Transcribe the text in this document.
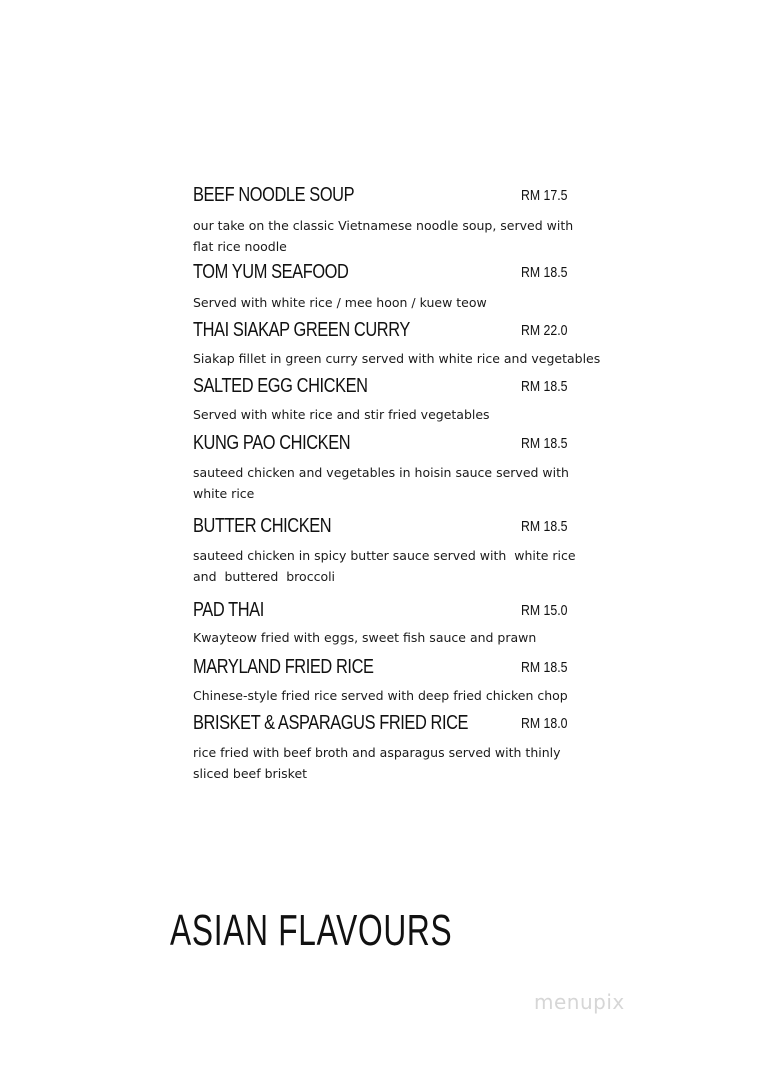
BEEF NOODLE SOUP	RM 17.5
our take on the classic Vietnamese noodle soup, served with flat rice noodle
TOM YUM SEAFOOD	RM 18.5
Served with white rice / mee hoon / kuew teow
THAI SIAKAP GREEN CURRY	RM 22.0
Siakap fillet in green curry served with white rice and vegetables
SALTED EGG CHICKEN	RM 18.5
Served with white rice and stir fried vegetables
KUNG PAO CHICKEN	RM 18.5
sauteed chicken and vegetables in hoisin sauce served with white rice
BUTTER CHICKEN	RM 18.5
sauteed chicken in spicy butter sauce served with  white rice and  buttered  broccoli
PAD THAI	RM 15.0
Kwayteow fried with eggs, sweet fish sauce and prawn
MARYLAND FRIED RICE	RM 18.5
Chinese-style fried rice served with deep fried chicken chop
BRISKET & ASPARAGUS FRIED RICE	RM 18.0
rice fried with beef broth and asparagus served with thinly sliced beef brisket
ASIAN FLAVOURS
menupix
